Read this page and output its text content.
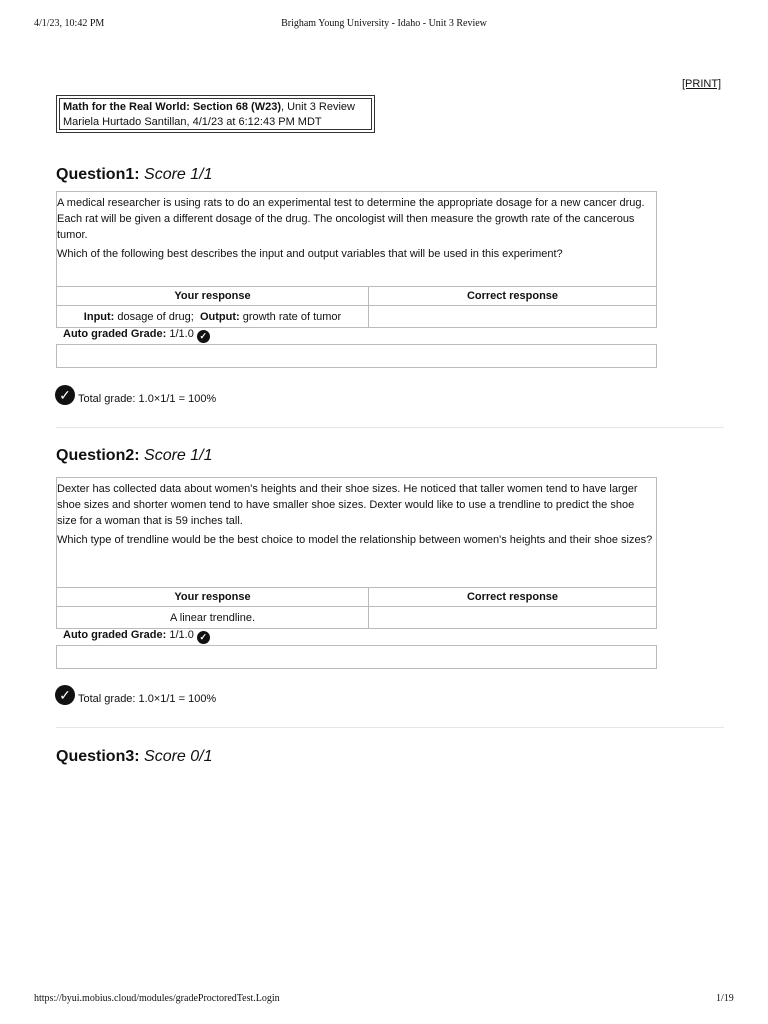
4/1/23, 10:42 PM	Brigham Young University - Idaho - Unit 3 Review
[PRINT]
Math for the Real World: Section 68 (W23), Unit 3 Review
Mariela Hurtado Santillan, 4/1/23 at 6:12:43 PM MDT
Question1: Score 1/1

A medical researcher is using rats to do an experimental test to determine the appropriate dosage for a new cancer drug. Each rat will be given a different dosage of the drug. The oncologist will then measure the growth rate of the cancerous tumor.

Which of the following best describes the input and output variables that will be used in this experiment?

Your response	Correct response
Input: dosage of drug; Output: growth rate of tumor	
Auto graded Grade: 1/1.0 ✓
✓ Total grade: 1.0×1/1 = 100%
Question2: Score 1/1

Dexter has collected data about women's heights and their shoe sizes. He noticed that taller women tend to have larger shoe sizes and shorter women tend to have smaller shoe sizes. Dexter would like to use a trendline to predict the shoe size for a woman that is 59 inches tall.

Which type of trendline would be the best choice to model the relationship between women's heights and their shoe sizes?

Your response	Correct response
A linear trendline.	
Auto graded Grade: 1/1.0 ✓
✓ Total grade: 1.0×1/1 = 100%
Question3: Score 0/1
https://byui.mobius.cloud/modules/gradeProctoredTest.Login	1/19
